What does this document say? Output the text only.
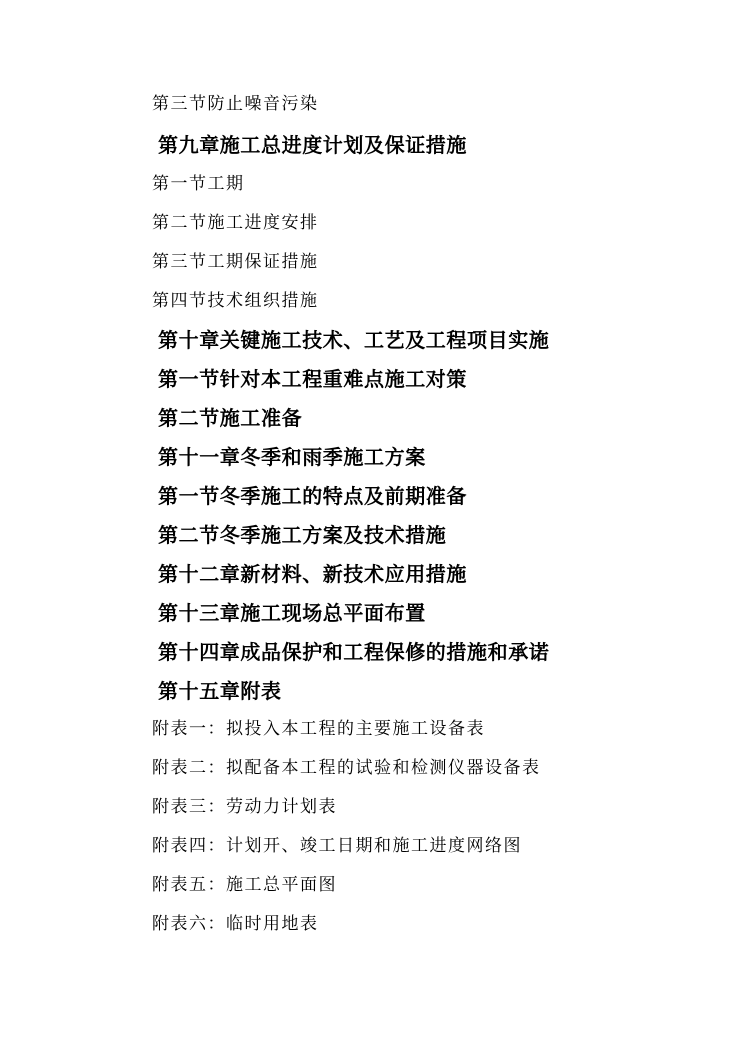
第三节防止噪音污染
第九章施工总进度计划及保证措施
第一节工期
第二节施工进度安排
第三节工期保证措施
第四节技术组织措施
第十章关键施工技术、工艺及工程项目实施
第一节针对本工程重难点施工对策
第二节施工准备
第十一章冬季和雨季施工方案
第一节冬季施工的特点及前期准备
第二节冬季施工方案及技术措施
第十二章新材料、新技术应用措施
第十三章施工现场总平面布置
第十四章成品保护和工程保修的措施和承诺
第十五章附表
附表一：拟投入本工程的主要施工设备表
附表二：拟配备本工程的试验和检测仪器设备表
附表三：劳动力计划表
附表四：计划开、竣工日期和施工进度网络图
附表五：施工总平面图
附表六：临时用地表
